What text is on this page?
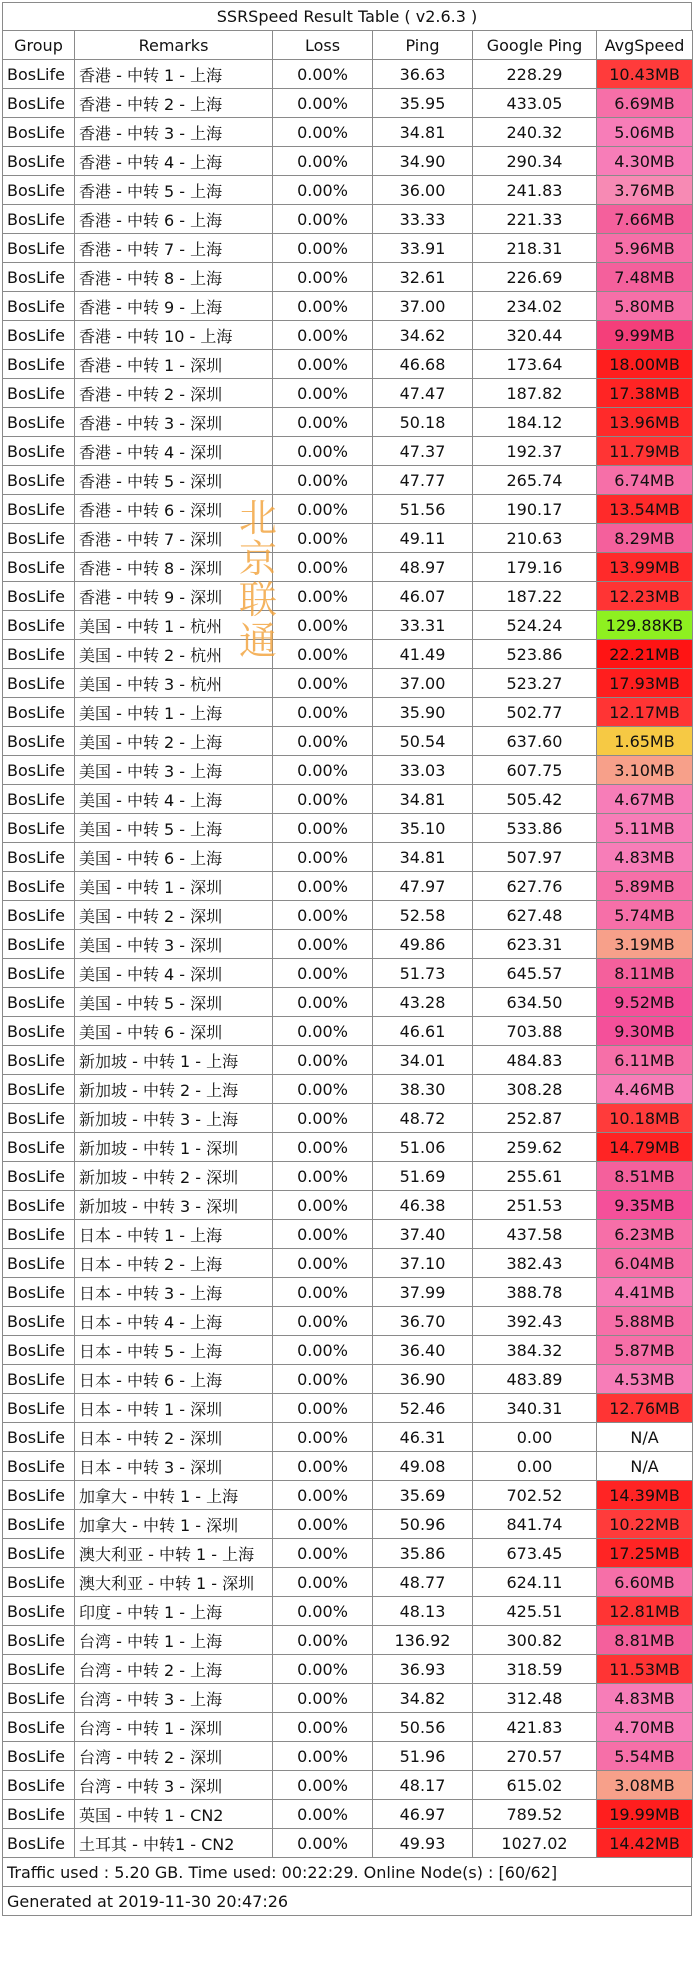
SSRSpeed Result Table ( v2.6.3 )
Group	Remarks	Loss	Ping	Google Ping	AvgSpeed
BosLife	香港 - 中转 1 - 上海	0.00%	36.63	228.29	10.43MB
BosLife	香港 - 中转 2 - 上海	0.00%	35.95	433.05	6.69MB
BosLife	香港 - 中转 3 - 上海	0.00%	34.81	240.32	5.06MB
BosLife	香港 - 中转 4 - 上海	0.00%	34.90	290.34	4.30MB
BosLife	香港 - 中转 5 - 上海	0.00%	36.00	241.83	3.76MB
BosLife	香港 - 中转 6 - 上海	0.00%	33.33	221.33	7.66MB
BosLife	香港 - 中转 7 - 上海	0.00%	33.91	218.31	5.96MB
BosLife	香港 - 中转 8 - 上海	0.00%	32.61	226.69	7.48MB
BosLife	香港 - 中转 9 - 上海	0.00%	37.00	234.02	5.80MB
BosLife	香港 - 中转 10 - 上海	0.00%	34.62	320.44	9.99MB
BosLife	香港 - 中转 1 - 深圳	0.00%	46.68	173.64	18.00MB
BosLife	香港 - 中转 2 - 深圳	0.00%	47.47	187.82	17.38MB
BosLife	香港 - 中转 3 - 深圳	0.00%	50.18	184.12	13.96MB
BosLife	香港 - 中转 4 - 深圳	0.00%	47.37	192.37	11.79MB
BosLife	香港 - 中转 5 - 深圳	0.00%	47.77	265.74	6.74MB
BosLife	香港 - 中转 6 - 深圳	0.00%	51.56	190.17	13.54MB
BosLife	香港 - 中转 7 - 深圳	0.00%	49.11	210.63	8.29MB
BosLife	香港 - 中转 8 - 深圳	0.00%	48.97	179.16	13.99MB
BosLife	香港 - 中转 9 - 深圳	0.00%	46.07	187.22	12.23MB
BosLife	美国 - 中转 1 - 杭州	0.00%	33.31	524.24	129.88KB
BosLife	美国 - 中转 2 - 杭州	0.00%	41.49	523.86	22.21MB
BosLife	美国 - 中转 3 - 杭州	0.00%	37.00	523.27	17.93MB
BosLife	美国 - 中转 1 - 上海	0.00%	35.90	502.77	12.17MB
BosLife	美国 - 中转 2 - 上海	0.00%	50.54	637.60	1.65MB
BosLife	美国 - 中转 3 - 上海	0.00%	33.03	607.75	3.10MB
BosLife	美国 - 中转 4 - 上海	0.00%	34.81	505.42	4.67MB
BosLife	美国 - 中转 5 - 上海	0.00%	35.10	533.86	5.11MB
BosLife	美国 - 中转 6 - 上海	0.00%	34.81	507.97	4.83MB
BosLife	美国 - 中转 1 - 深圳	0.00%	47.97	627.76	5.89MB
BosLife	美国 - 中转 2 - 深圳	0.00%	52.58	627.48	5.74MB
BosLife	美国 - 中转 3 - 深圳	0.00%	49.86	623.31	3.19MB
BosLife	美国 - 中转 4 - 深圳	0.00%	51.73	645.57	8.11MB
BosLife	美国 - 中转 5 - 深圳	0.00%	43.28	634.50	9.52MB
BosLife	美国 - 中转 6 - 深圳	0.00%	46.61	703.88	9.30MB
BosLife	新加坡 - 中转 1 - 上海	0.00%	34.01	484.83	6.11MB
BosLife	新加坡 - 中转 2 - 上海	0.00%	38.30	308.28	4.46MB
BosLife	新加坡 - 中转 3 - 上海	0.00%	48.72	252.87	10.18MB
BosLife	新加坡 - 中转 1 - 深圳	0.00%	51.06	259.62	14.79MB
BosLife	新加坡 - 中转 2 - 深圳	0.00%	51.69	255.61	8.51MB
BosLife	新加坡 - 中转 3 - 深圳	0.00%	46.38	251.53	9.35MB
BosLife	日本 - 中转 1 - 上海	0.00%	37.40	437.58	6.23MB
BosLife	日本 - 中转 2 - 上海	0.00%	37.10	382.43	6.04MB
BosLife	日本 - 中转 3 - 上海	0.00%	37.99	388.78	4.41MB
BosLife	日本 - 中转 4 - 上海	0.00%	36.70	392.43	5.88MB
BosLife	日本 - 中转 5 - 上海	0.00%	36.40	384.32	5.87MB
BosLife	日本 - 中转 6 - 上海	0.00%	36.90	483.89	4.53MB
BosLife	日本 - 中转 1 - 深圳	0.00%	52.46	340.31	12.76MB
BosLife	日本 - 中转 2 - 深圳	0.00%	46.31	0.00	N/A
BosLife	日本 - 中转 3 - 深圳	0.00%	49.08	0.00	N/A
BosLife	加拿大 - 中转 1 - 上海	0.00%	35.69	702.52	14.39MB
BosLife	加拿大 - 中转 1 - 深圳	0.00%	50.96	841.74	10.22MB
BosLife	澳大利亚 - 中转 1 - 上海	0.00%	35.86	673.45	17.25MB
BosLife	澳大利亚 - 中转 1 - 深圳	0.00%	48.77	624.11	6.60MB
BosLife	印度 - 中转 1 - 上海	0.00%	48.13	425.51	12.81MB
BosLife	台湾 - 中转 1 - 上海	0.00%	136.92	300.82	8.81MB
BosLife	台湾 - 中转 2 - 上海	0.00%	36.93	318.59	11.53MB
BosLife	台湾 - 中转 3 - 上海	0.00%	34.82	312.48	4.83MB
BosLife	台湾 - 中转 1 - 深圳	0.00%	50.56	421.83	4.70MB
BosLife	台湾 - 中转 2 - 深圳	0.00%	51.96	270.57	5.54MB
BosLife	台湾 - 中转 3 - 深圳	0.00%	48.17	615.02	3.08MB
BosLife	英国 - 中转 1 - CN2	0.00%	46.97	789.52	19.99MB
BosLife	土耳其 - 中转1 - CN2	0.00%	49.93	1027.02	14.42MB
Traffic used : 5.20 GB. Time used: 00:22:29. Online Node(s) : [60/62]
Generated at 2019-11-30 20:47:26
北
京
联
通
